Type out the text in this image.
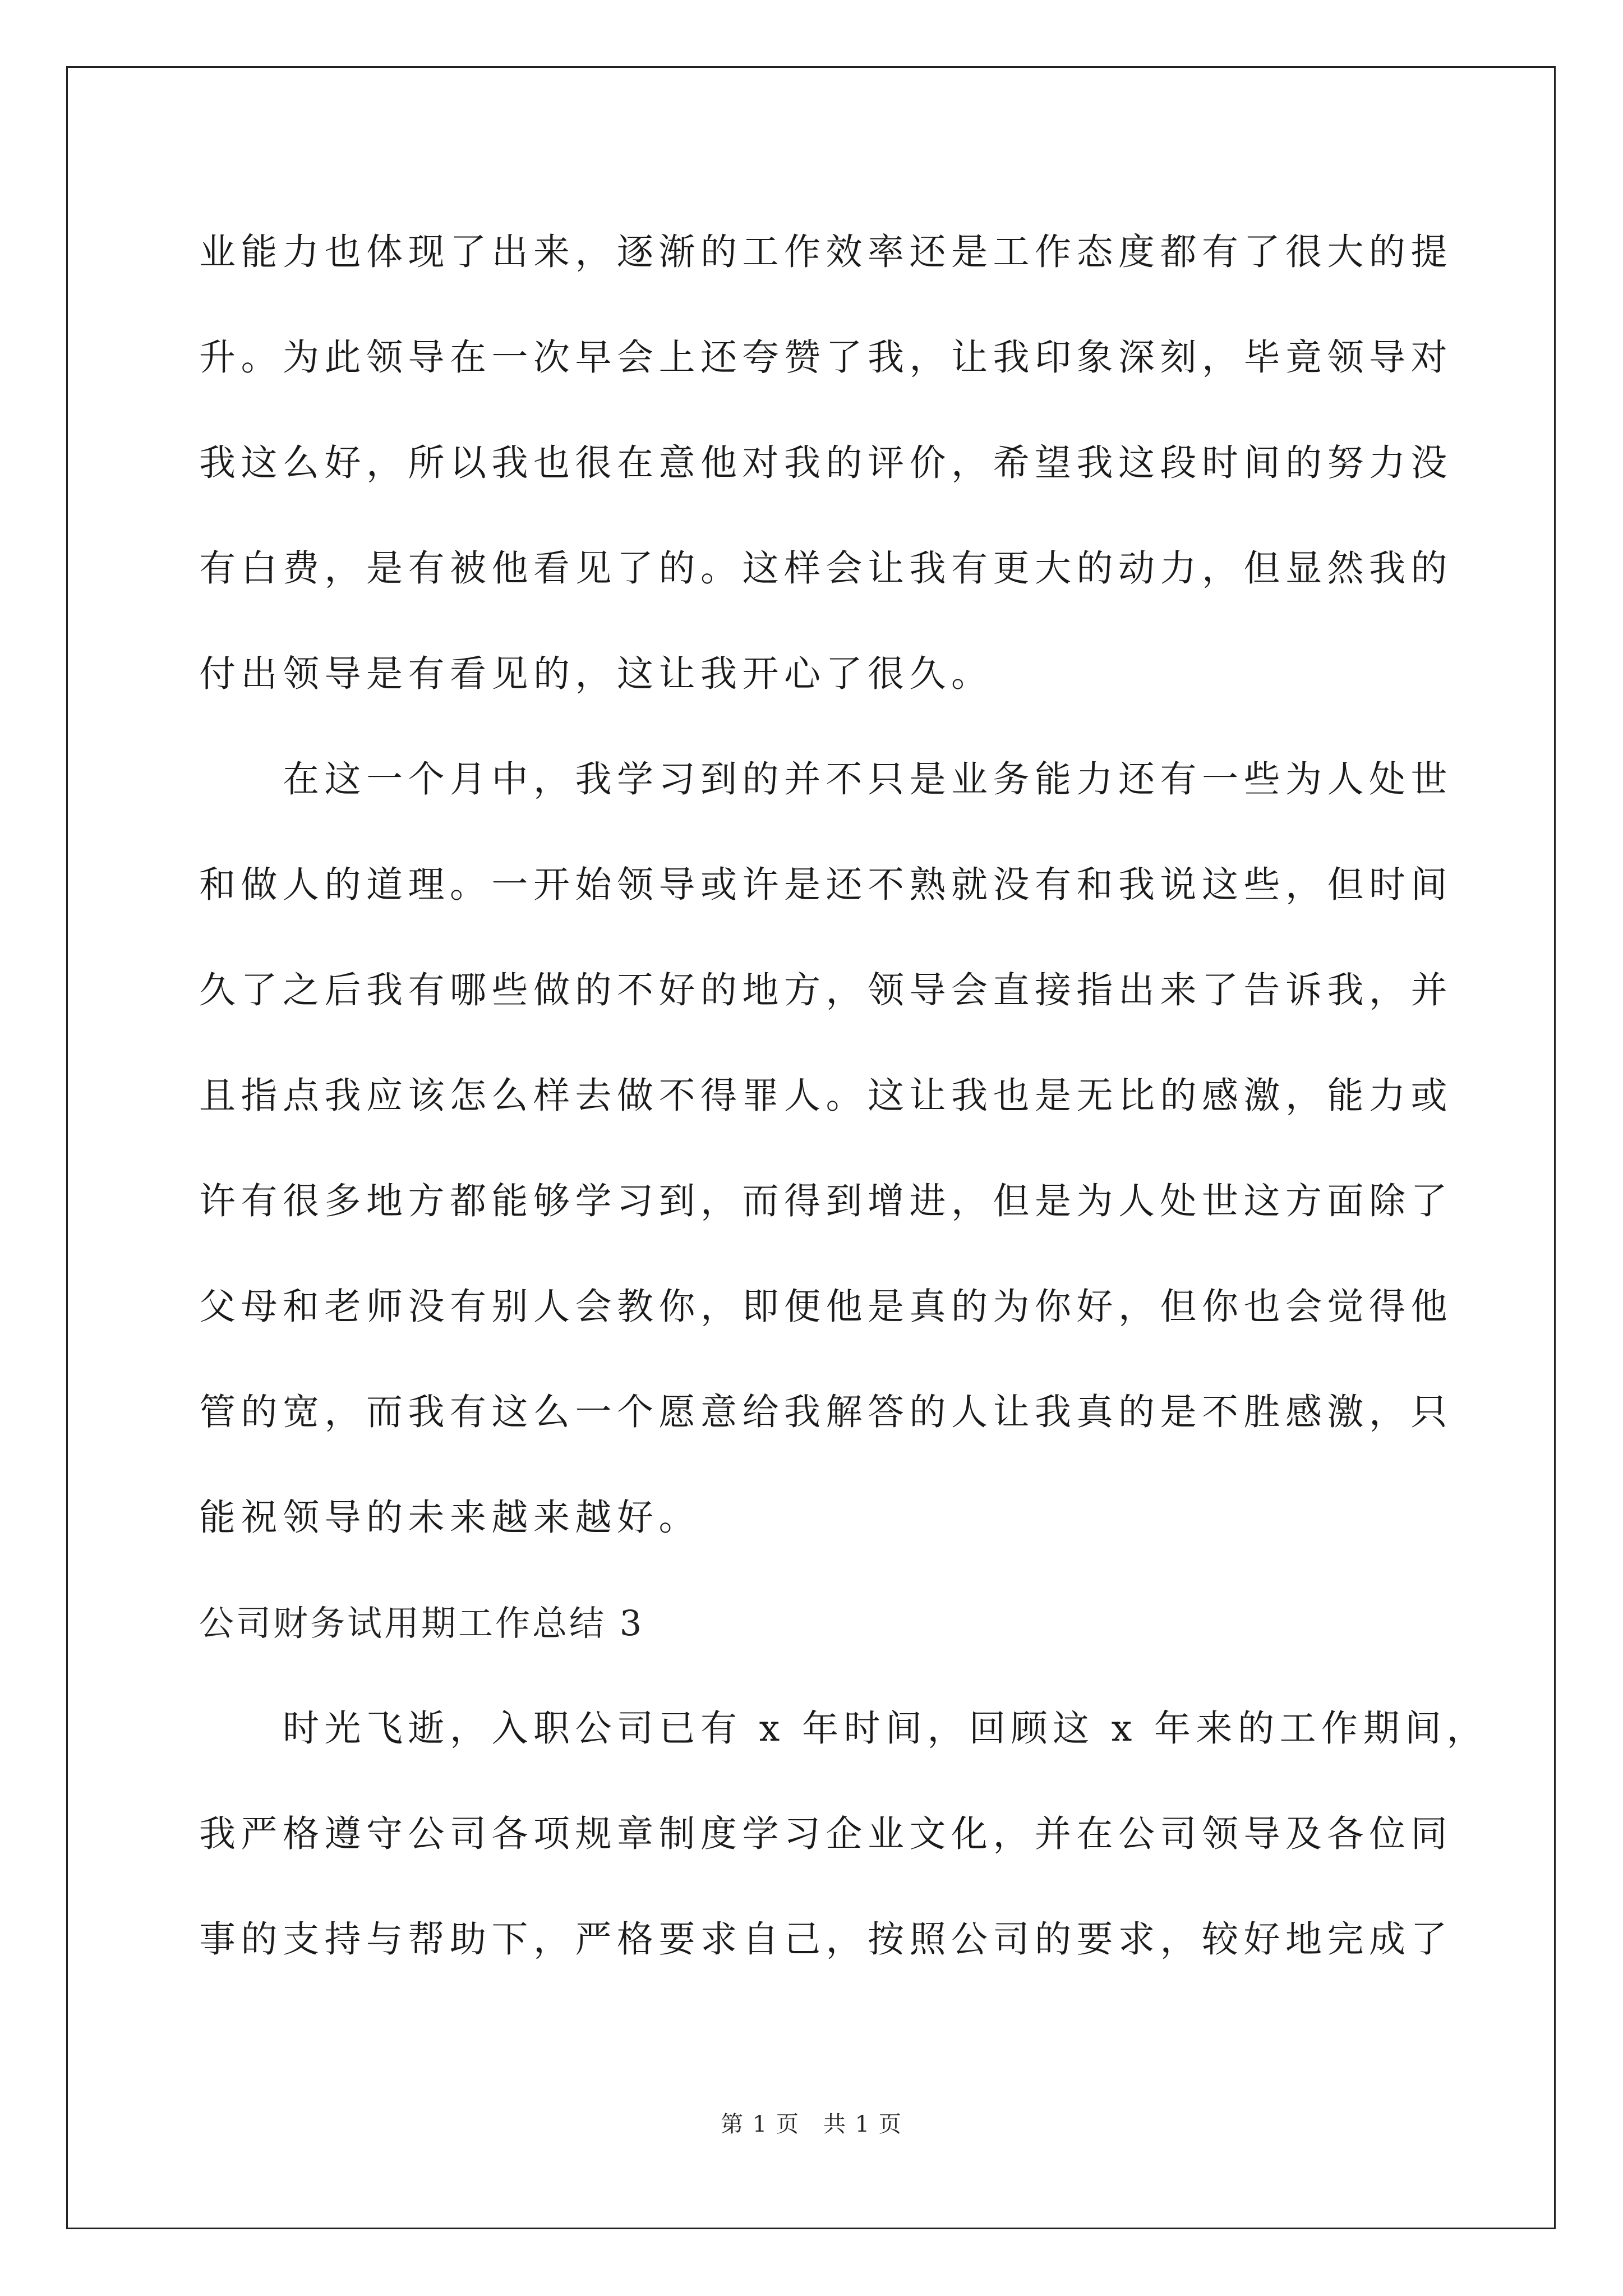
业能力也体现了出来，逐渐的工作效率还是工作态度都有了很大的提
升。为此领导在一次早会上还夸赞了我，让我印象深刻，毕竟领导对
我这么好，所以我也很在意他对我的评价，希望我这段时间的努力没
有白费，是有被他看见了的。这样会让我有更大的动力，但显然我的
付出领导是有看见的，这让我开心了很久。
　　在这一个月中，我学习到的并不只是业务能力还有一些为人处世
和做人的道理。一开始领导或许是还不熟就没有和我说这些，但时间
久了之后我有哪些做的不好的地方，领导会直接指出来了告诉我，并
且指点我应该怎么样去做不得罪人。这让我也是无比的感激，能力或
许有很多地方都能够学习到，而得到增进，但是为人处世这方面除了
父母和老师没有别人会教你，即便他是真的为你好，但你也会觉得他
管的宽，而我有这么一个愿意给我解答的人让我真的是不胜感激，只
能祝领导的未来越来越好。
公司财务试用期工作总结 3
　　时光飞逝，入职公司已有 x 年时间，回顾这 x 年来的工作期间，
我严格遵守公司各项规章制度学习企业文化，并在公司领导及各位同
事的支持与帮助下，严格要求自己，按照公司的要求，较好地完成了
第 1 页　共 1 页
